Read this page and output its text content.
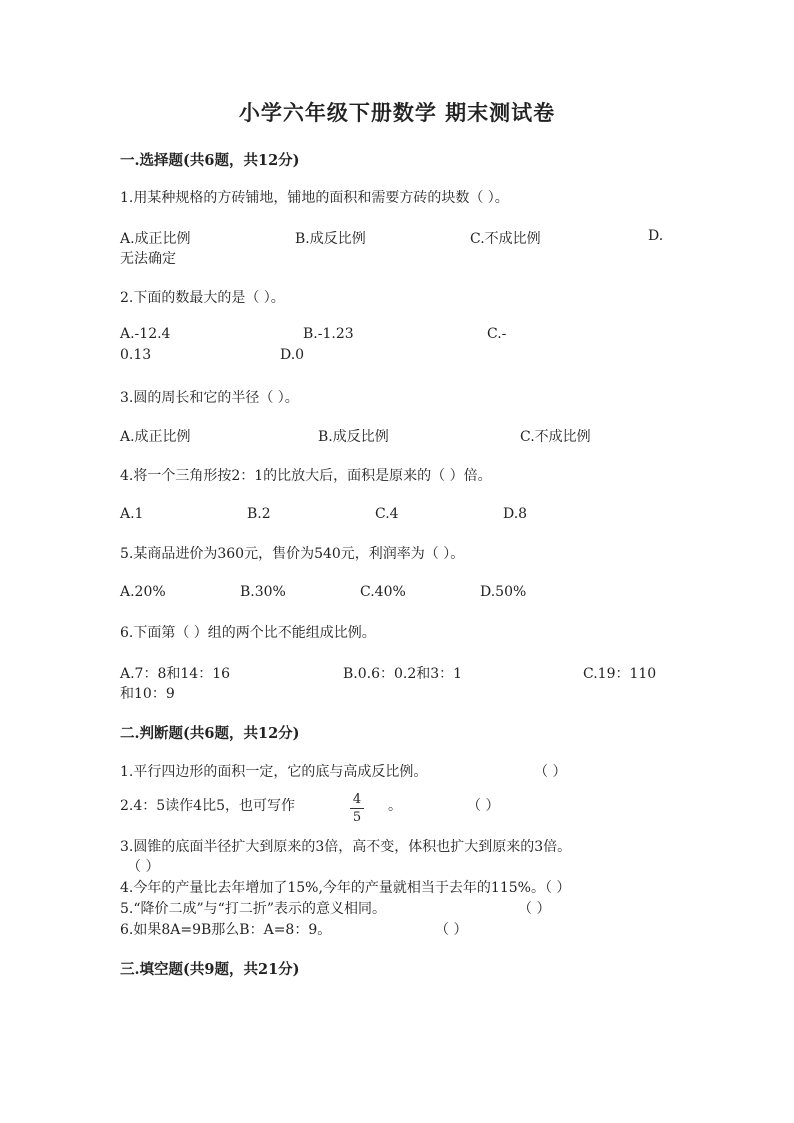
小学六年级下册数学 期末测试卷
一.选择题(共6题，共12分)
1.用某种规格的方砖铺地，铺地的面积和需要方砖的块数（ ）。
A.成正比例	B.成反比例	C.不成比例	D.
无法确定
2.下面的数最大的是（ ）。
A.-12.4	B.-1.23	C.-
0.13	D.0
3.圆的周长和它的半径（ ）。
A.成正比例	B.成反比例	C.不成比例
4.将一个三角形按2：1的比放大后，面积是原来的（ ）倍。
A.1	B.2	C.4	D.8
5.某商品进价为360元，售价为540元，利润率为（ ）。
A.20%	B.30%	C.40%	D.50%
6.下面第（ ）组的两个比不能组成比例。
A.7：8和14：16	B.0.6：0.2和3：1	C.19：110
和10：9
二.判断题(共6题，共12分)
1.平行四边形的面积一定，它的底与高成反比例。	（ ）
2.4：5读作4比5，也可写作	4
5
。	（ ）
3.圆锥的底面半径扩大到原来的3倍，高不变，体积也扩大到原来的3倍。
（ ）
4.今年的产量比去年增加了15%,今年的产量就相当于去年的115%。（ ）
5.“降价二成”与“打二折”表示的意义相同。	（ ）
6.如果8A=9B那么B：A=8：9。	（ ）
三.填空题(共9题，共21分)
